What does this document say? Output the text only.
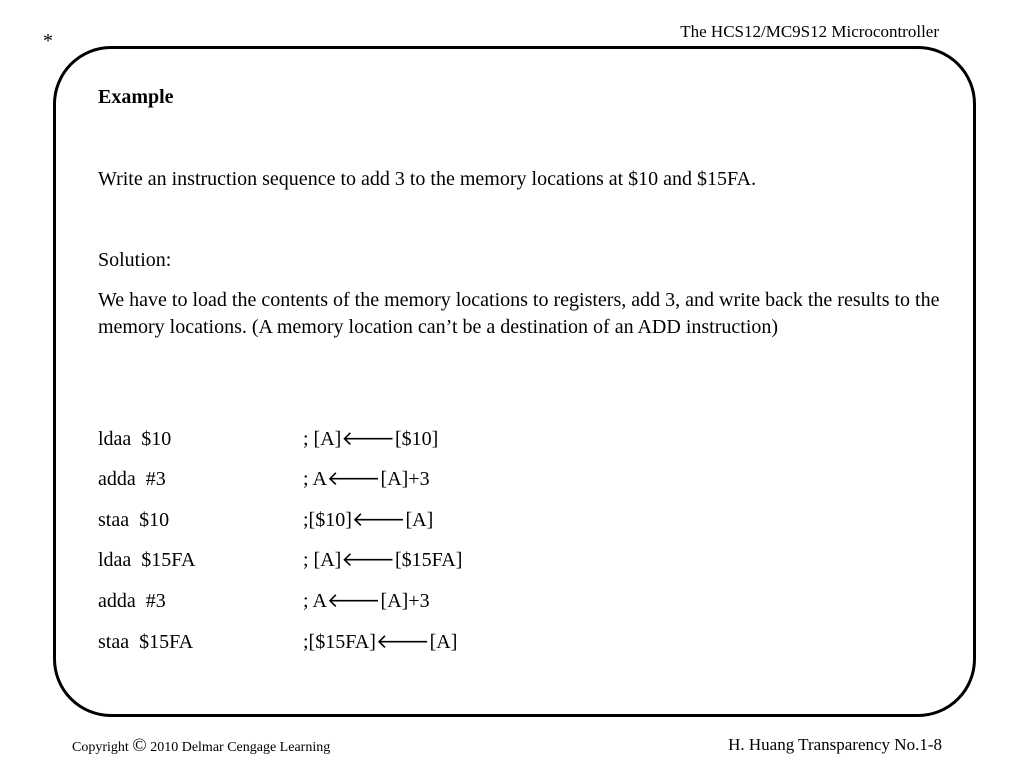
*	The HCS12/MC9S12 Microcontroller
Example
Write an instruction sequence to add 3 to the memory locations at $10 and $15FA.
Solution:
We have to load the contents of the memory locations to registers, add 3, and write back the results to the memory locations. (A memory location can’t be a destination of an ADD instruction)
ldaa  $10	; [A]🡐[$10]
adda  #3	; A🡐[A]+3
staa  $10	;[$10]🡐[A]
ldaa  $15FA	; [A]🡐[$15FA]
adda  #3	; A🡐[A]+3
staa  $15FA	;[$15FA]🡐[A]
Copyright © 2010 Delmar Cengage Learning	H. Huang Transparency No.1-8
